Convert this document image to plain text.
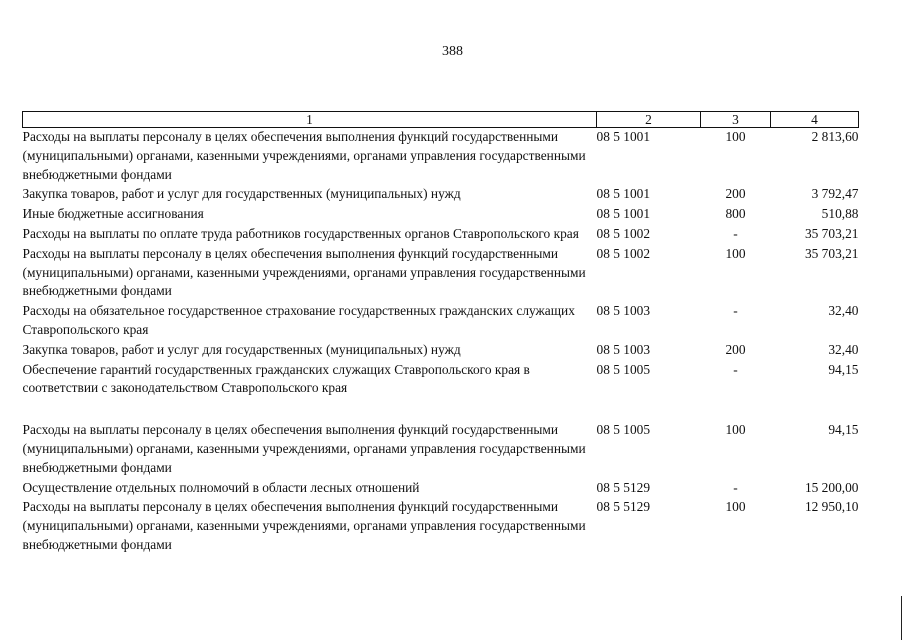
388
1	2	3	4
Расходы на выплаты персоналу в целях обеспечения выполнения функций государственными (муниципальными) органами, казенными учреждениями, органами управления государственными внебюджетными фондами	08 5 1001	100	2 813,60
Закупка товаров, работ и услуг для государственных (муниципальных) нужд	08 5 1001	200	3 792,47
Иные бюджетные ассигнования	08 5 1001	800	510,88
Расходы на выплаты по оплате труда работников государственных органов Ставропольского края	08 5 1002	-	35 703,21
Расходы на выплаты персоналу в целях обеспечения выполнения функций государственными (муниципальными) органами, казенными учреждениями, органами управления государственными внебюджетными фондами	08 5 1002	100	35 703,21
Расходы на обязательное государственное страхование государственных гражданских служащих Ставропольского края	08 5 1003	-	32,40
Закупка товаров, работ и услуг для государственных (муниципальных) нужд	08 5 1003	200	32,40
Обеспечение гарантий государственных гражданских служащих Ставропольского края в соответствии с законодательством Ставропольского края	08 5 1005	-	94,15
Расходы на выплаты персоналу в целях обеспечения выполнения функций государственными (муниципальными) органами, казенными учреждениями, органами управления государственными внебюджетными фондами	08 5 1005	100	94,15
Осуществление отдельных полномочий в области лесных отношений	08 5 5129	-	15 200,00
Расходы на выплаты персоналу в целях обеспечения выполнения функций государственными (муниципальными) органами, казенными учреждениями, органами управления государственными внебюджетными фондами	08 5 5129	100	12 950,10
